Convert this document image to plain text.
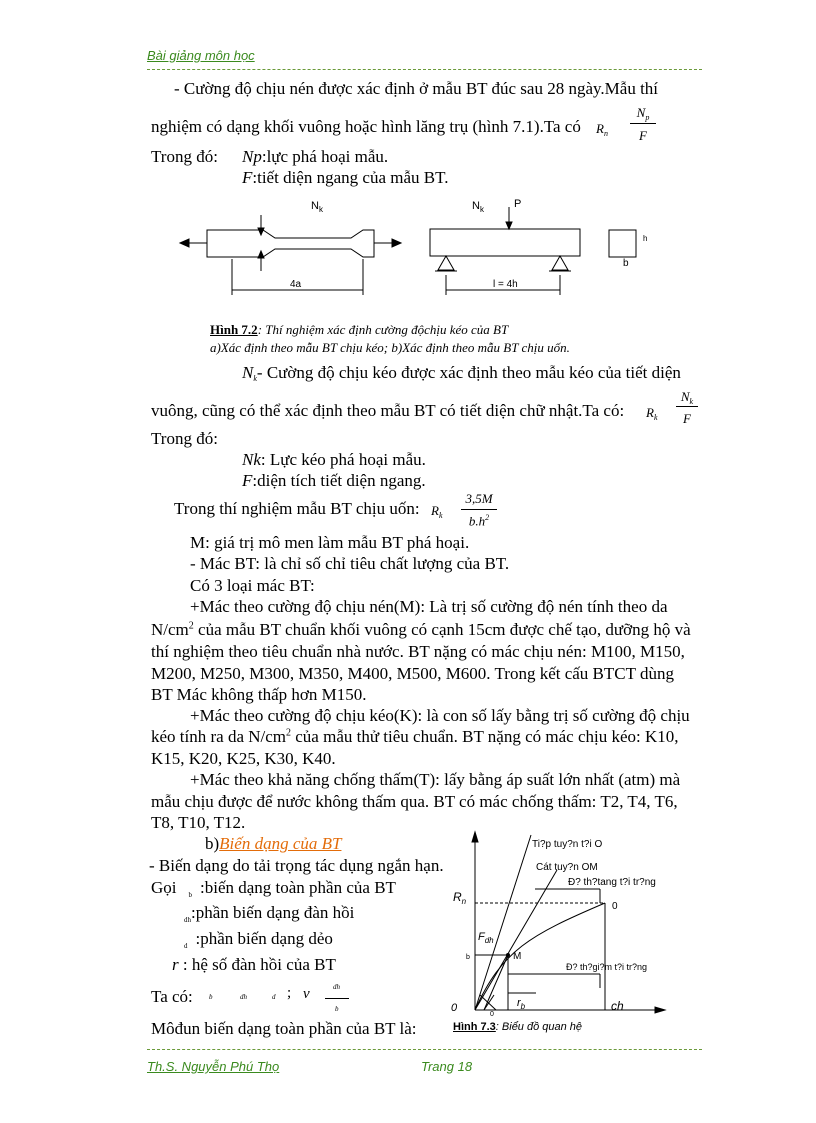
Bài giảng môn học
- Cường độ chịu nén được xác định ở mẫu BT đúc sau 28 ngày.Mẫu thí
nghiệm có dạng khối vuông hoặc hình lăng trụ (hình 7.1).Ta có $R_n$
$N_p$
F
Trong đó: Np:lực phá hoại mẫu.
F:tiết diện ngang của mẫu BT.
$N_k$	$N_k$	P
4a	l = 4h
b
h
Hình 7.2: Thí nghiệm xác định cường độchịu kéo của BT
a)Xác định theo mẫu BT chịu kéo; b)Xác định theo mẫu BT chịu uốn.
$N_k-$ Cường độ chịu kéo được xác định theo mẫu kéo của tiết diện
vuông, cũng có thể xác định theo mẫu BT có tiết diện chữ nhật.Ta có: $R_k$
$N_k$
F
Trong đó:
Nk: Lực kéo phá hoại mẫu.
F:diện tích tiết diện ngang.
Trong thí nghiệm mẫu BT chịu uốn: $R_k$
3,5M
$b.h^2$
M: giá trị mô men làm mẫu BT phá hoại.
- Mác BT: là chỉ số chỉ tiêu chất lượng của BT.
Có 3 loại mác BT:
+Mác theo cường độ chịu nén(M): Là trị số cường độ nén tính theo da
$N/cm^2$ của mẫu BT chuẩn khối vuông có cạnh 15cm được chế tạo, dưỡng hộ và
thí nghiệm theo tiêu chuẩn nhà nước. BT nặng có mác chịu nén: M100, M150,
M200, M250, M300, M350, M400, M500, M600. Trong kết cấu BTCT dùng
BT Mác không thấp hơn M150.
+Mác theo cường độ chịu kéo(K): là con số lấy bằng trị số cường độ chịu
kéo tính ra da $N/cm^2$ của mẫu thử tiêu chuẩn. BT nặng có mác chịu kéo: K10,
K15, K20, K25, K30, K40.
+Mác theo khả năng chống thấm(T): lấy bằng áp suất lớn nhất (atm) mà
mẫu chịu được để nước không thấm qua. BT có mác chống thấm: T2, T4, T6,
T8, T10, T12.
b)Biến dạng của BT
- Biến dạng do tải trọng tác dụng ngắn hạn.
Gọi $_b$ :biến dạng toàn phần của BT
$_{dh}$:phần biến dạng đàn hồi
$_d$ :phần biến dạng dẻo
r : hệ số đàn hồi của BT
Ta có: b	dh	d ; v	dh
b
Môđun biến dạng toàn phần của BT là:
Ti?p tuy?n t?i O
Cát tuy?n OM
Đ? th?tang t?i tr?ng
Đ? th?gi?m t?i tr?ng
$R_n$	0
$F_{dh}$
M
b
0
0
$r_b$	ch
Hình 7.3: Biểu đồ quan hệ
Th.S. Nguyễn Phú Thọ	Trang 18
